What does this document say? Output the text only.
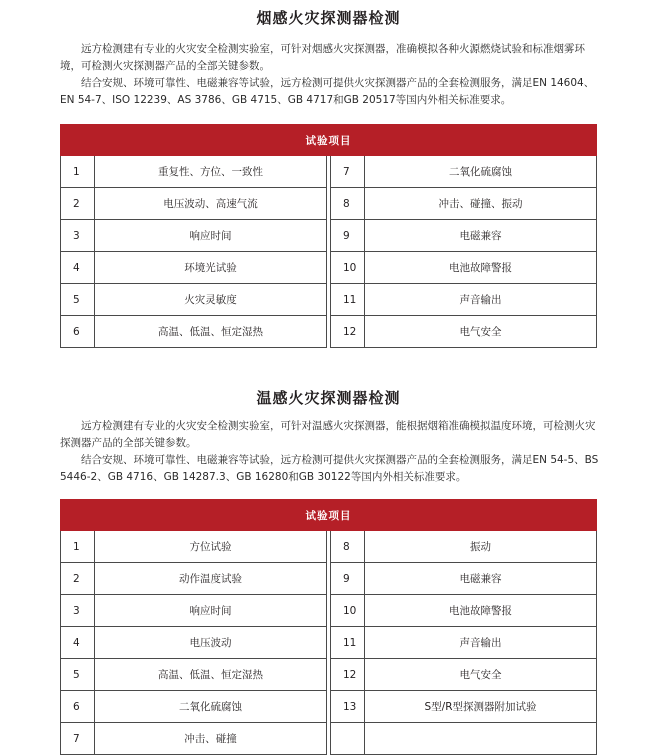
烟感火灾探测器检测

远方检测建有专业的火灾安全检测实验室，可针对烟感火灾探测器，准确模拟各种火源燃烧试验和标准烟雾环境，可检测火灾探测器产品的全部关键参数。

结合安规、环境可靠性、电磁兼容等试验，远方检测可提供火灾探测器产品的全套检测服务，满足EN 14604、EN 54-7、ISO 12239、AS 3786、GB 4715、GB 4717和GB 20517等国内外相关标准要求。

试验项目				
1	重复性、方位、一致性		7	二氧化硫腐蚀
2	电压波动、高速气流		8	冲击、碰撞、振动
3	响应时间		9	电磁兼容
4	环境光试验		10	电池故障警报
5	火灾灵敏度		11	声音输出
6	高温、低温、恒定湿热		12	电气安全
温感火灾探测器检测

远方检测建有专业的火灾安全检测实验室，可针对温感火灾探测器，能根据烟箱准确模拟温度环境，可检测火灾探测器产品的全部关键参数。

结合安规、环境可靠性、电磁兼容等试验，远方检测可提供火灾探测器产品的全套检测服务，满足EN 54-5、BS 5446-2、GB 4716、GB 14287.3、GB 16280和GB 30122等国内外相关标准要求。

试验项目				
1	方位试验		8	振动
2	动作温度试验		9	电磁兼容
3	响应时间		10	电池故障警报
4	电压波动		11	声音输出
5	高温、低温、恒定湿热		12	电气安全
6	二氧化硫腐蚀		13	S型/R型探测器附加试验
7	冲击、碰撞			
